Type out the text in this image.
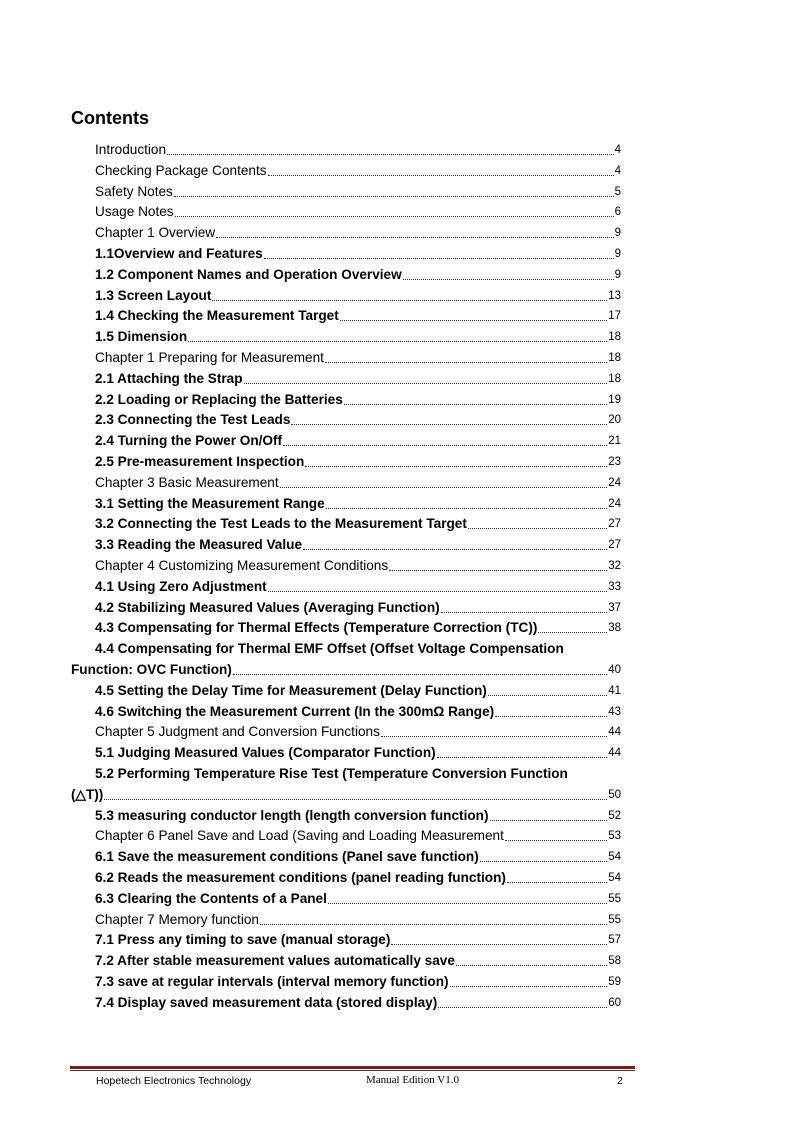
Contents
Hopetech Electronics Technology	Manual Edition V1.0	2
Introduction	4
Checking Package Contents	4
Safety Notes	5
Usage Notes	6
Chapter 1 Overview	9
1.1Overview and Features	9
1.2 Component Names and Operation Overview	9
1.3 Screen Layout	13
1.4 Checking the Measurement Target	17
1.5 Dimension	18
Chapter 1 Preparing for Measurement	18
2.1 Attaching the Strap	18
2.2 Loading or Replacing the Batteries	19
2.3 Connecting the Test Leads	20
2.4 Turning the Power On/Off	21
2.5 Pre-measurement Inspection	23
Chapter 3 Basic Measurement	24
3.1 Setting the Measurement Range	24
3.2 Connecting the Test Leads to the Measurement Target	27
3.3 Reading the Measured Value	27
Chapter 4 Customizing Measurement Conditions	32
4.1 Using Zero Adjustment	33
4.2 Stabilizing Measured Values (Averaging Function)	37
4.3 Compensating for Thermal Effects (Temperature Correction (TC))	38
4.4 Compensating for Thermal EMF Offset (Offset Voltage Compensation
Function: OVC Function)	40
4.5 Setting the Delay Time for Measurement (Delay Function)	41
4.6 Switching the Measurement Current (In the 300mΩ Range)	43
Chapter 5 Judgment and Conversion Functions	44
5.1 Judging Measured Values (Comparator Function)	44
5.2 Performing Temperature Rise Test (Temperature Conversion Function
(△T))	50
5.3 measuring conductor length (length conversion function)	52
Chapter 6 Panel Save and Load (Saving and Loading Measurement	53
6.1 Save the measurement conditions (Panel save function)	54
6.2 Reads the measurement conditions (panel reading function)	54
6.3 Clearing the Contents of a Panel	55
Chapter 7 Memory function	55
7.1 Press any timing to save (manual storage)	57
7.2 After stable measurement values automatically save	58
7.3 save at regular intervals (interval memory function)	59
7.4 Display saved measurement data (stored display)	60
